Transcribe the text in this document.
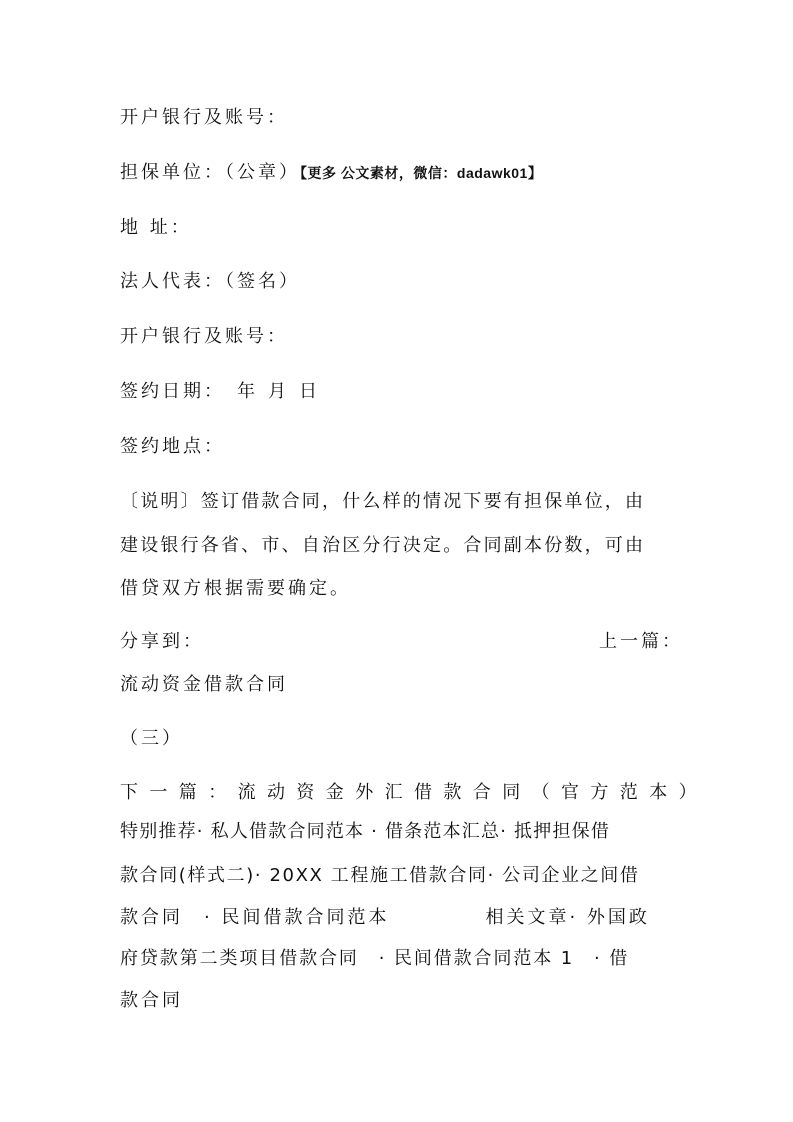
开户银行及账号：
担保单位：（公章）【更多 公文素材，微信：dadawk01】
地 址：
法人代表：（签名）
开户银行及账号：
签约日期： 年 月 日
签约地点：
〔说明〕签订借款合同，什么样的情况下要有担保单位，由
建设银行各省、市、自治区分行决定。合同副本份数，可由
借贷双方根据需要确定。
分享到：	上一篇：
流动资金借款合同
（三）
下一篇：流动资金外汇借款合同（官方范本）
特别推荐· 私人借款合同范本 · 借条范本汇总· 抵押担保借
款合同(样式二)· 20XX 工程施工借款合同· 公司企业之间借
款合同　· 民间借款合同范本	相关文章· 外国政
府贷款第二类项目借款合同　· 民间借款合同范本 1　· 借
款合同
